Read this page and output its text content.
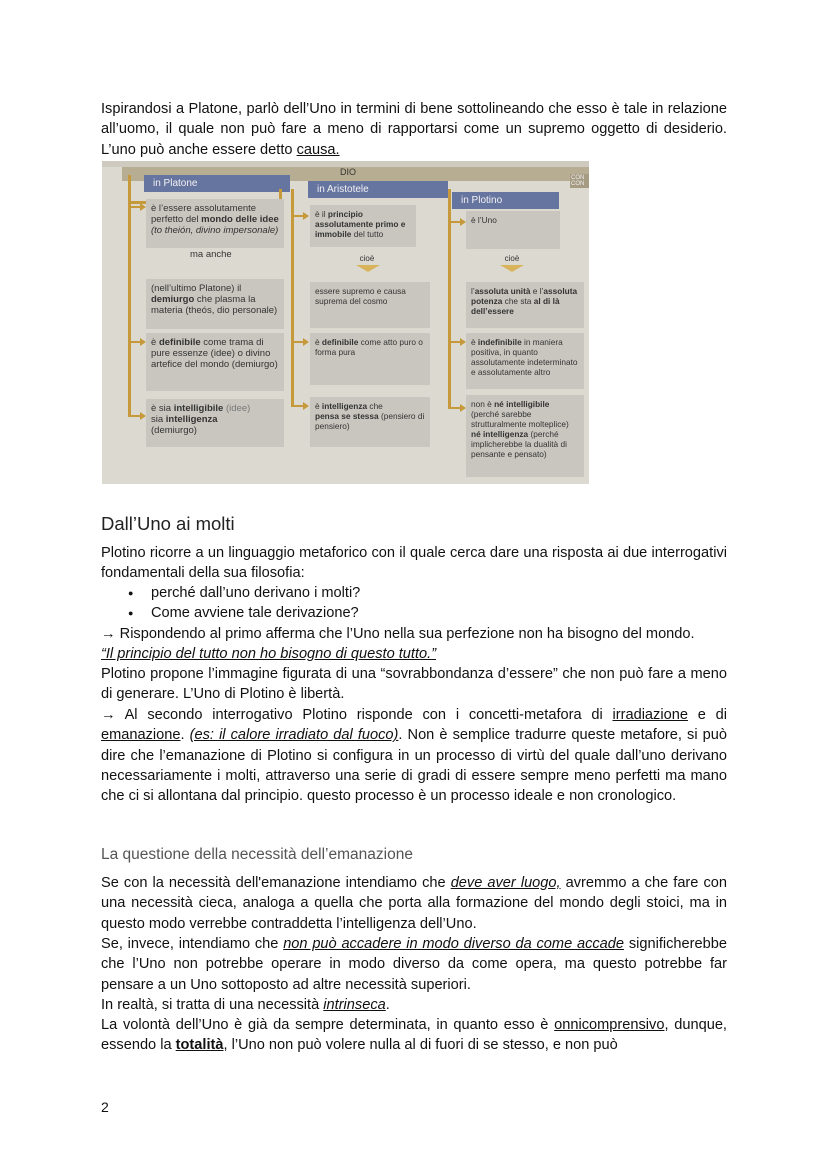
Ispirandosi a Platone, parlò dell’Uno in termini di bene sottolineando che esso è tale in relazione all’uomo, il quale non può fare a meno di rapportarsi come un supremo oggetto di desiderio. L’uno può anche essere detto causa.

DIO
CON
CON
in Platone
è l’essere assolutamente perfetto del mondo delle idee (to theión, divino impersonale)
ma anche
(nell’ultimo Platone) il demiurgo che plasma la materia (theós, dio personale)
è definibile come trama di pure essenze (idee) o divino artefice del mondo (demiurgo)
è sia intelligibile (idee)
sia intelligenza
(demiurgo)
in Aristotele
è il principio assolutamente primo e immobile del tutto
cioè
essere supremo e causa suprema del cosmo
è definibile come atto puro o forma pura
è intelligenza che
pensa se stessa (pensiero di pensiero)
in Plotino
è l’Uno
cioè
l’assoluta unità e l’assoluta potenza che sta al di là dell’essere
è indefinibile in maniera positiva, in quanto assolutamente indeterminato e assolutamente altro
non è né intelligibile (perché sarebbe strutturalmente molteplice) né intelligenza (perché implicherebbe la dualità di pensante e pensato)
Dall’Uno ai molti

Plotino ricorre a un linguaggio metaforico con il quale cerca dare una risposta ai due interrogativi fondamentali della sua filosofia:

● perché dall’uno derivano i molti?
● Come avviene tale derivazione?

→ Rispondendo al primo afferma che l’Uno nella sua perfezione non ha bisogno del mondo.

“Il principio del tutto non ho bisogno di questo tutto.”

Plotino propone l’immagine figurata di una “sovrabbondanza d’essere” che non può fare a meno di generare. L’Uno di Plotino è libertà.

→ Al secondo interrogativo Plotino risponde con i concetti-metafora di irradiazione e di emanazione. (es: il calore irradiato dal fuoco). Non è semplice tradurre queste metafore, si può dire che l’emanazione di Plotino si configura in un processo di virtù del quale dall’uno derivano necessariamente i molti, attraverso una serie di gradi di essere sempre meno perfetti ma mano che ci si allontana dal principio. questo processo è un processo ideale e non cronologico.

La questione della necessità dell’emanazione

Se con la necessità dell'emanazione intendiamo che deve aver luogo, avremmo a che fare con una necessità cieca, analoga a quella che porta alla formazione del mondo degli stoici, ma in questo modo verrebbe contraddetta l’intelligenza dell’Uno.

Se, invece, intendiamo che non può accadere in modo diverso da come accade significherebbe che l’Uno non potrebbe operare in modo diverso da come opera, ma questo potrebbe far pensare a un Uno sottoposto ad altre necessità superiori.

In realtà, si tratta di una necessità intrinseca.

La volontà dell’Uno è già da sempre determinata, in quanto esso è onnicomprensivo, dunque, essendo la totalità, l’Uno non può volere nulla al di fuori di se stesso, e non può

2
